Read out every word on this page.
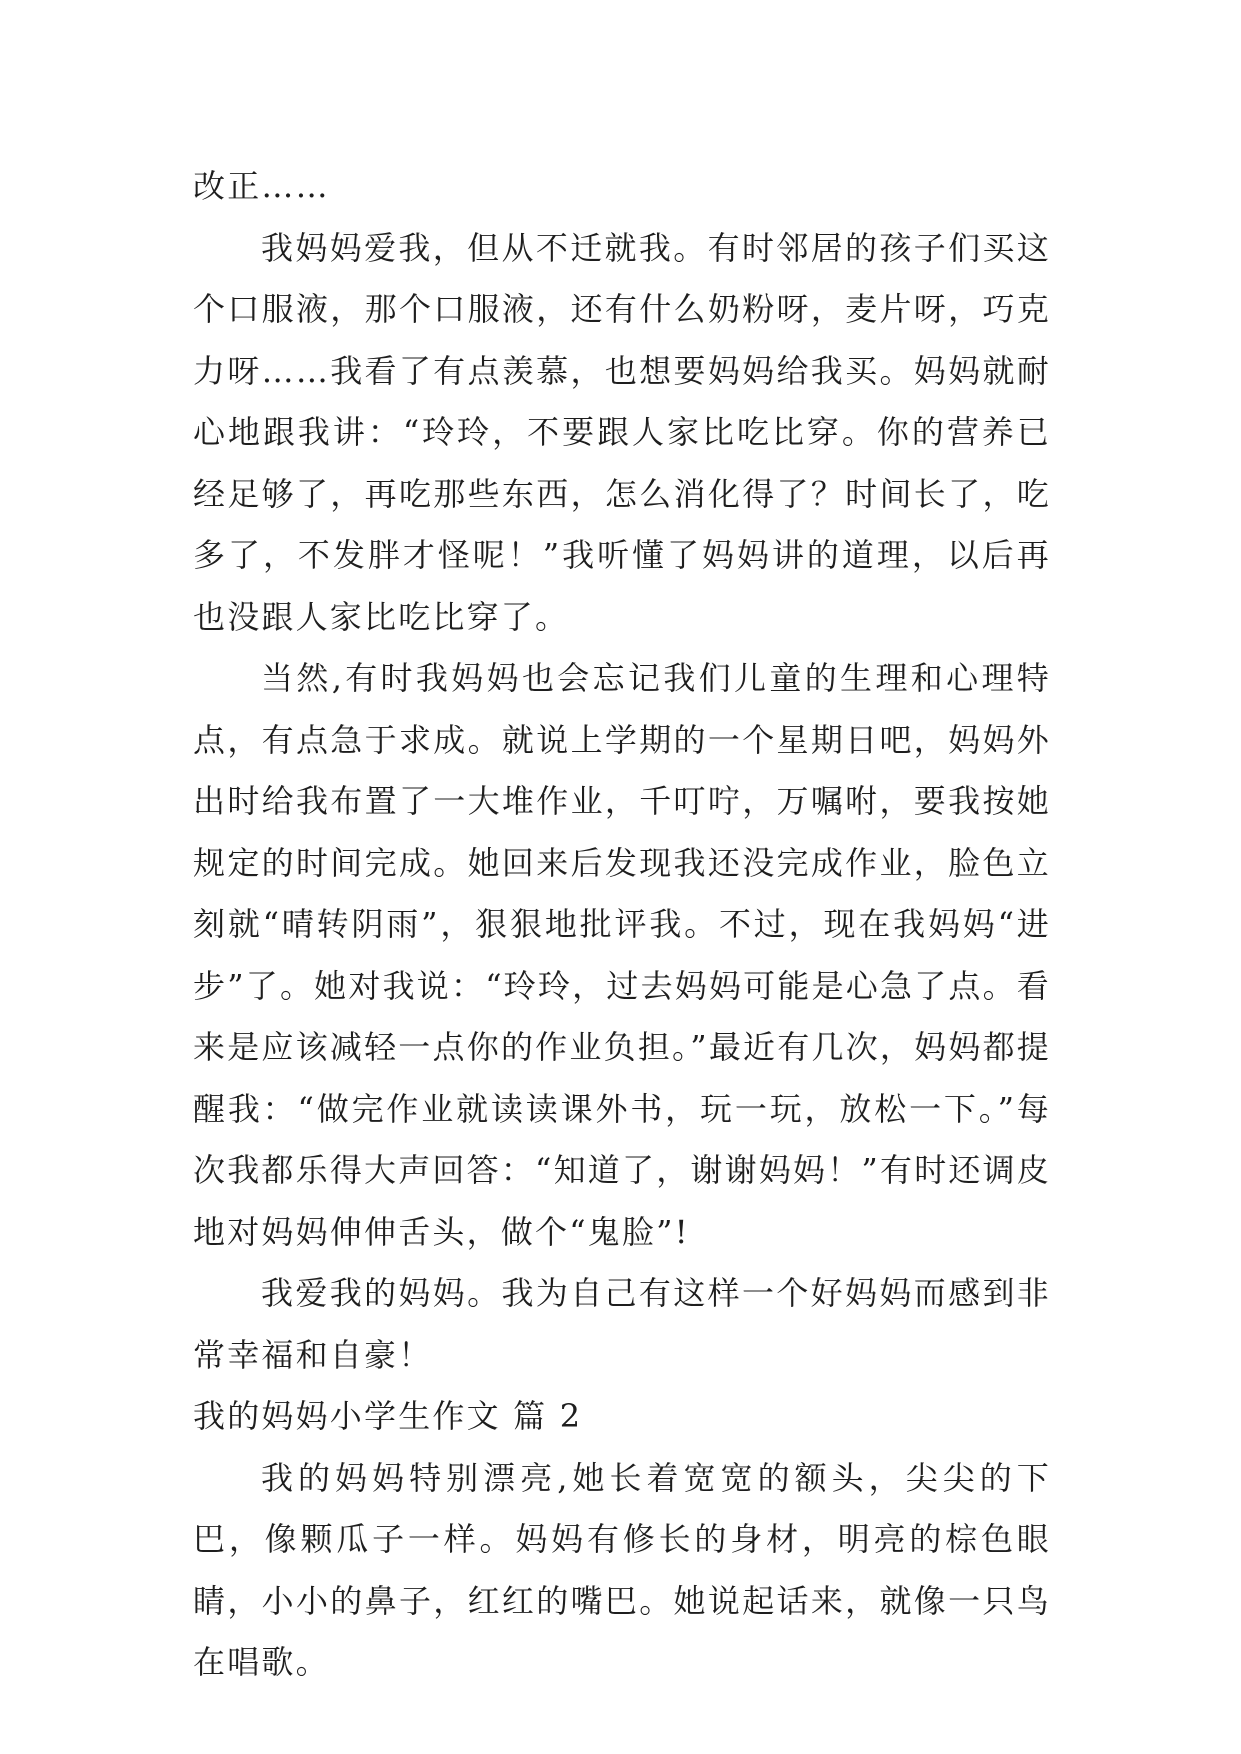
改正……

我妈妈爱我，但从不迁就我。有时邻居的孩子们买这个口服液，那个口服液，还有什么奶粉呀，麦片呀，巧克力呀……我看了有点羡慕，也想要妈妈给我买。妈妈就耐心地跟我讲：“玲玲，不要跟人家比吃比穿。你的营养已经足够了，再吃那些东西，怎么消化得了？时间长了，吃多了，不发胖才怪呢！”我听懂了妈妈讲的道理，以后再也没跟人家比吃比穿了。

当然,有时我妈妈也会忘记我们儿童的生理和心理特点，有点急于求成。就说上学期的一个星期日吧，妈妈外出时给我布置了一大堆作业，千叮咛，万嘱咐，要我按她规定的时间完成。她回来后发现我还没完成作业，脸色立刻就“晴转阴雨”，狠狠地批评我。不过，现在我妈妈“进步”了。她对我说：“玲玲，过去妈妈可能是心急了点。看来是应该减轻一点你的作业负担。”最近有几次，妈妈都提醒我：“做完作业就读读课外书，玩一玩，放松一下。”每次我都乐得大声回答：“知道了，谢谢妈妈！”有时还调皮地对妈妈伸伸舌头，做个“鬼脸”!

我爱我的妈妈。我为自己有这样一个好妈妈而感到非常幸福和自豪！

我的妈妈小学生作文 篇 2

我的妈妈特别漂亮,她长着宽宽的额头，尖尖的下巴，像颗瓜子一样。妈妈有修长的身材，明亮的棕色眼睛，小小的鼻子，红红的嘴巴。她说起话来，就像一只鸟在唱歌。
